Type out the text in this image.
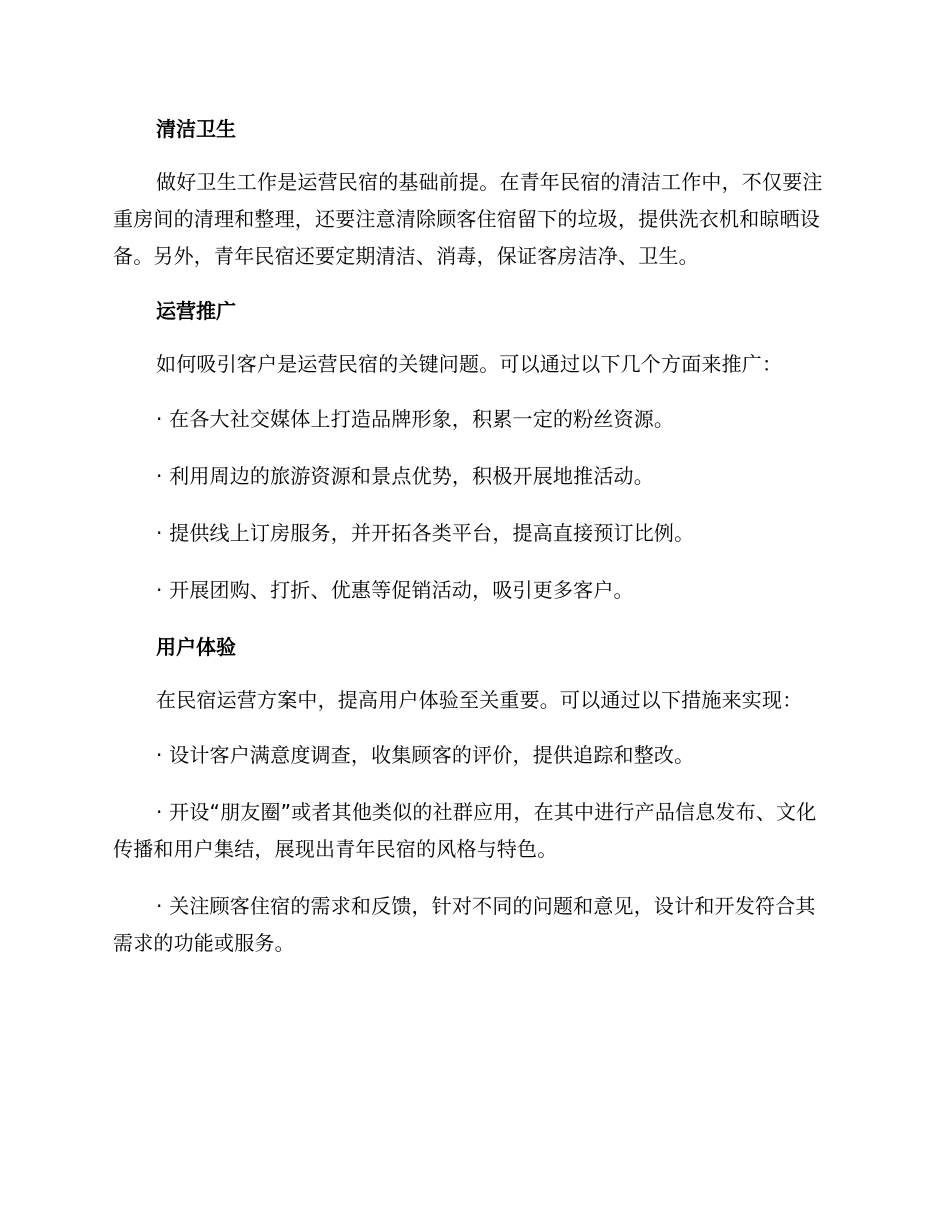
清洁卫生

做好卫生工作是运营民宿的基础前提。在青年民宿的清洁工作中，不仅要注重房间的清理和整理，还要注意清除顾客住宿留下的垃圾，提供洗衣机和晾晒设备。另外，青年民宿还要定期清洁、消毒，保证客房洁净、卫生。

运营推广

如何吸引客户是运营民宿的关键问题。可以通过以下几个方面来推广：

· 在各大社交媒体上打造品牌形象，积累一定的粉丝资源。

· 利用周边的旅游资源和景点优势，积极开展地推活动。

· 提供线上订房服务，并开拓各类平台，提高直接预订比例。

· 开展团购、打折、优惠等促销活动，吸引更多客户。

用户体验

在民宿运营方案中，提高用户体验至关重要。可以通过以下措施来实现：

· 设计客户满意度调查，收集顾客的评价，提供追踪和整改。

· 开设“朋友圈”或者其他类似的社群应用，在其中进行产品信息发布、文化传播和用户集结，展现出青年民宿的风格与特色。

· 关注顾客住宿的需求和反馈，针对不同的问题和意见，设计和开发符合其需求的功能或服务。
